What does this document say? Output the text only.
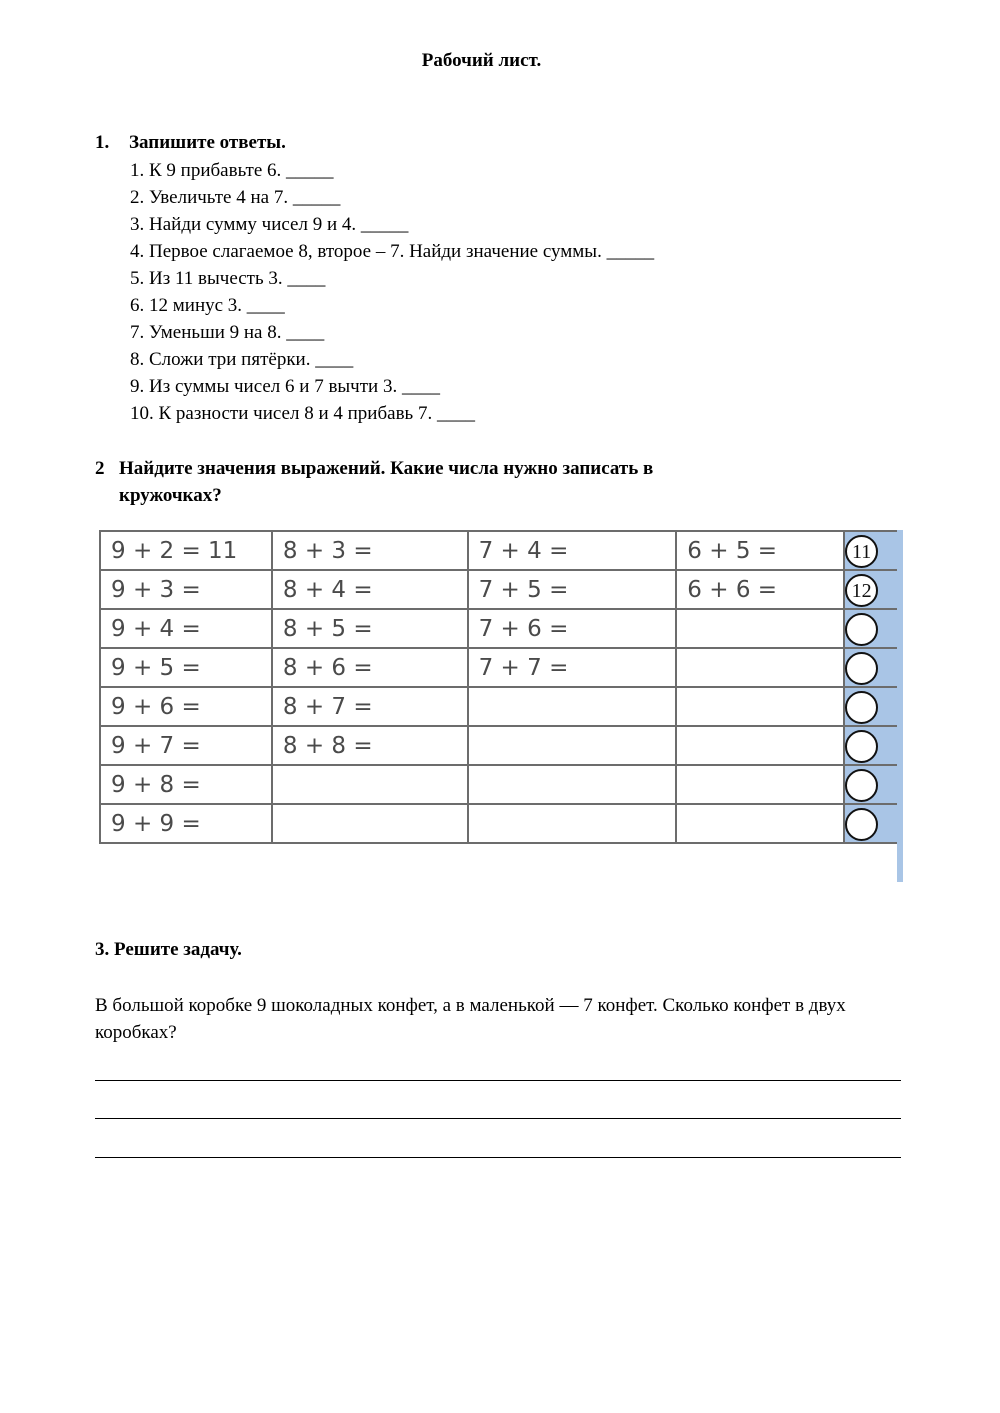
Рабочий лист.
1. Запишите ответы.
1. К 9 прибавьте 6. _____
2. Увеличьте 4 на 7. _____
3. Найди сумму чисел 9 и 4. _____
4. Первое слагаемое 8, второе – 7. Найди значение суммы. _____
5. Из 11 вычесть 3. ____
6. 12 минус 3. ____
7. Уменьши 9 на 8. ____
8. Сложи три пятёрки. ____
9. Из суммы чисел 6 и 7 вычти 3. ____
10. К разности чисел 8 и 4 прибавь 7. ____
2 Найдите значения выражений. Какие числа нужно записать в
кружочках?
9 + 2 = 11	8 + 3 =	7 + 4 =	6 + 5 =	11

9 + 3 =	8 + 4 =	7 + 5 =	6 + 6 =	12

9 + 4 =	8 + 5 =	7 + 6 =		

9 + 5 =	8 + 6 =	7 + 7 =		

9 + 6 =	8 + 7 =			

9 + 7 =	8 + 8 =			

9 + 8 =				

9 + 9 =				
3. Решите задачу.
В большой коробке 9 шоколадных конфет, а в маленькой — 7 конфет. Сколько конфет в двух коробках?
